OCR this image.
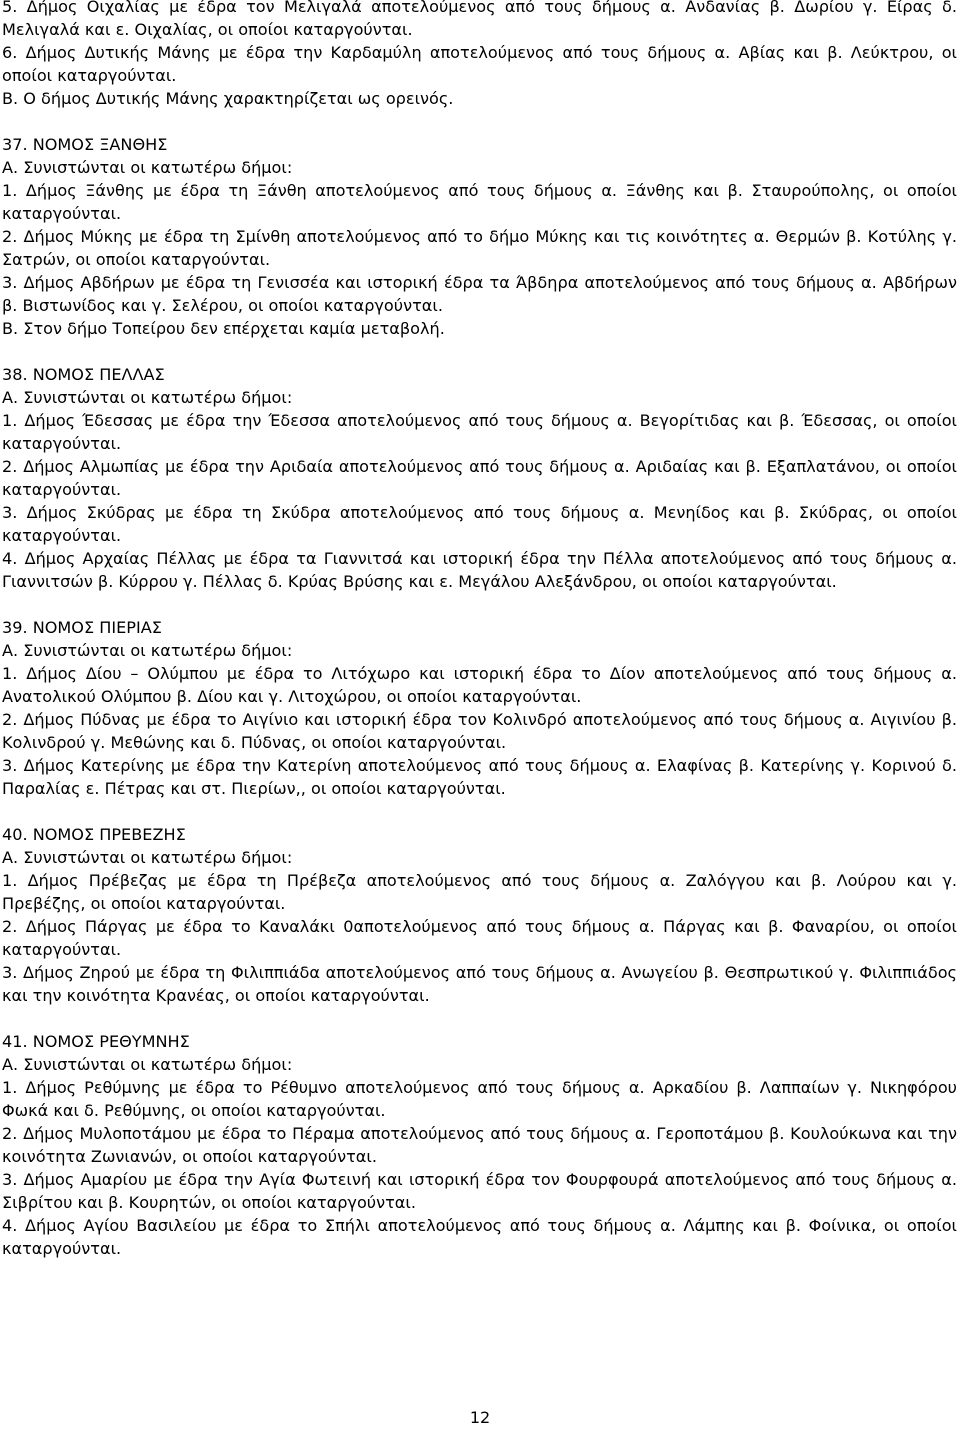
5. Δήμος Οιχαλίας με έδρα τον Μελιγαλά αποτελούμενος από τους δήμους α. Ανδανίας β. Δωρίου γ. Είρας δ. Μελιγαλά και ε. Οιχαλίας, οι οποίοι καταργούνται.

6. Δήμος Δυτικής Μάνης με έδρα την Καρδαμύλη αποτελούμενος από τους δήμους α. Αβίας και β. Λεύκτρου, οι οποίοι καταργούνται.

Β. Ο δήμος Δυτικής Μάνης χαρακτηρίζεται ως ορεινός.

37. ΝΟΜΟΣ ΞΑΝΘΗΣ

Α. Συνιστώνται οι κατωτέρω δήμοι:

1. Δήμος Ξάνθης με έδρα τη Ξάνθη αποτελούμενος από τους δήμους α. Ξάνθης και β. Σταυρούπολης, οι οποίοι καταργούνται.

2. Δήμος Μύκης με έδρα τη Σμίνθη αποτελούμενος από το δήμο Μύκης και τις κοινότητες α. Θερμών β. Κοτύλης γ. Σατρών, οι οποίοι καταργούνται.

3. Δήμος Αβδήρων με έδρα τη Γενισσέα και ιστορική έδρα τα Άβδηρα αποτελούμενος από τους δήμους α. Αβδήρων β. Βιστωνίδος και γ. Σελέρου, οι οποίοι καταργούνται.

Β. Στον δήμο Τοπείρου δεν επέρχεται καμία μεταβολή.

38. ΝΟΜΟΣ ΠΕΛΛΑΣ

Α. Συνιστώνται οι κατωτέρω δήμοι:

1. Δήμος Έδεσσας με έδρα την Έδεσσα αποτελούμενος από τους δήμους α. Βεγορίτιδας και β. Έδεσσας, οι οποίοι καταργούνται.

2. Δήμος Αλμωπίας με έδρα την Αριδαία αποτελούμενος από τους δήμους α. Αριδαίας και β. Εξαπλατάνου, οι οποίοι καταργούνται.

3. Δήμος Σκύδρας με έδρα τη Σκύδρα αποτελούμενος από τους δήμους α. Μενηίδος και β. Σκύδρας, οι οποίοι καταργούνται.

4. Δήμος Αρχαίας Πέλλας με έδρα τα Γιαννιτσά και ιστορική έδρα την Πέλλα αποτελούμενος από τους δήμους α. Γιαννιτσών β. Κύρρου γ. Πέλλας δ. Κρύας Βρύσης και ε. Μεγάλου Αλεξάνδρου, οι οποίοι καταργούνται.

39. ΝΟΜΟΣ ΠΙΕΡΙΑΣ

Α. Συνιστώνται οι κατωτέρω δήμοι:

1. Δήμος Δίου – Ολύμπου με έδρα το Λιτόχωρο και ιστορική έδρα το Δίον αποτελούμενος από τους δήμους α. Ανατολικού Ολύμπου β. Δίου και γ. Λιτοχώρου, οι οποίοι καταργούνται.

2. Δήμος Πύδνας με έδρα το Αιγίνιο και ιστορική έδρα τον Κολινδρό αποτελούμενος από τους δήμους α. Αιγινίου β. Κολινδρού γ. Μεθώνης και δ. Πύδνας, οι οποίοι καταργούνται.

3. Δήμος Κατερίνης με έδρα την Κατερίνη αποτελούμενος από τους δήμους α. Ελαφίνας β. Κατερίνης γ. Κορινού δ. Παραλίας ε. Πέτρας και στ. Πιερίων,, οι οποίοι καταργούνται.

40. ΝΟΜΟΣ ΠΡΕΒΕΖΗΣ

Α. Συνιστώνται οι κατωτέρω δήμοι:

1. Δήμος Πρέβεζας με έδρα τη Πρέβεζα αποτελούμενος από τους δήμους α. Ζαλόγγου και β. Λούρου και γ. Πρεβέζης, οι οποίοι καταργούνται.

2. Δήμος Πάργας με έδρα το Καναλάκι 0αποτελούμενος από τους δήμους α. Πάργας και β. Φαναρίου, οι οποίοι καταργούνται.

3. Δήμος Ζηρού με έδρα τη Φιλιππιάδα αποτελούμενος από τους δήμους α. Ανωγείου β. Θεσπρωτικού γ. Φιλιππιάδος και την κοινότητα Κρανέας, οι οποίοι καταργούνται.

41. ΝΟΜΟΣ ΡΕΘΥΜΝΗΣ

Α. Συνιστώνται οι κατωτέρω δήμοι:

1. Δήμος Ρεθύμνης με έδρα το Ρέθυμνο αποτελούμενος από τους δήμους α. Αρκαδίου β. Λαππαίων γ. Νικηφόρου Φωκά και δ. Ρεθύμνης, οι οποίοι καταργούνται.

2. Δήμος Μυλοποτάμου με έδρα το Πέραμα αποτελούμενος από τους δήμους α. Γεροποτάμου β. Κουλούκωνα και την κοινότητα Ζωνιανών, οι οποίοι καταργούνται.

3. Δήμος Αμαρίου με έδρα την Αγία Φωτεινή και ιστορική έδρα τον Φουρφουρά αποτελούμενος από τους δήμους α. Σιβρίτου και β. Κουρητών, οι οποίοι καταργούνται.

4. Δήμος Αγίου Βασιλείου με έδρα το Σπήλι αποτελούμενος από τους δήμους α. Λάμπης και β. Φοίνικα, οι οποίοι καταργούνται.

12
